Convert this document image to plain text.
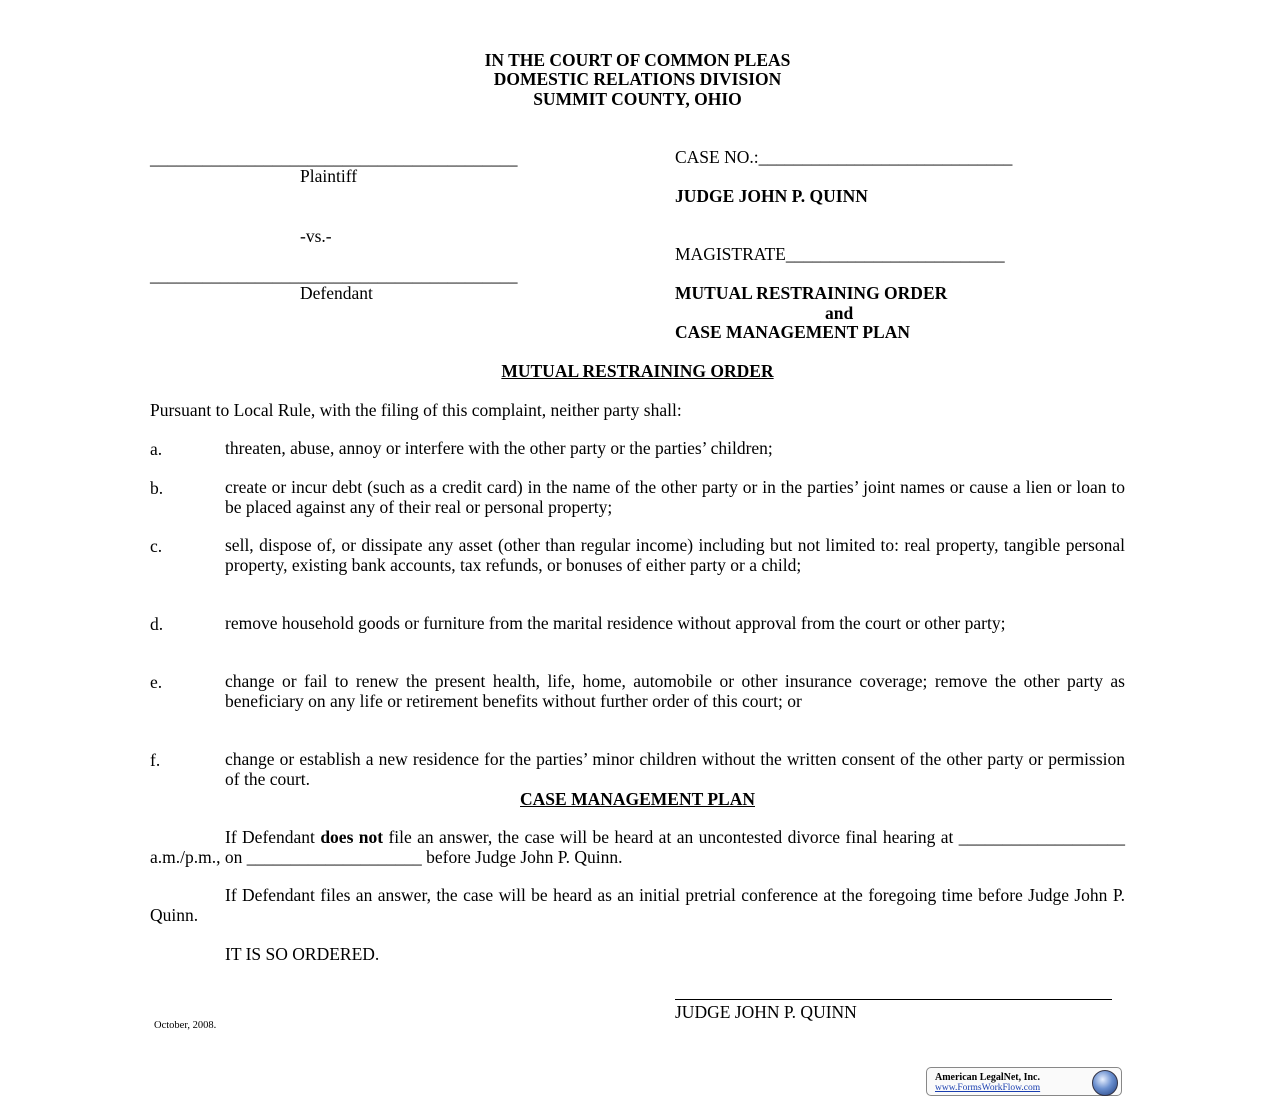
IN THE COURT OF COMMON PLEAS
DOMESTIC RELATIONS DIVISION
SUMMIT COUNTY, OHIO
__________________________________________
Plaintiff
-vs.-
__________________________________________
Defendant
CASE NO.:_____________________________
JUDGE JOHN P. QUINN
MAGISTRATE_________________________
MUTUAL RESTRAINING ORDER
and
CASE MANAGEMENT PLAN
MUTUAL RESTRAINING ORDER
Pursuant to Local Rule, with the filing of this complaint, neither party shall:
a.	threaten, abuse, annoy or interfere with the other party or the parties’ children;
b.	create or incur debt (such as a credit card) in the name of the other party or in the parties’ joint names or cause a lien or loan to be placed against any of their real or personal property;
c.	sell, dispose of, or dissipate any asset (other than regular income) including but not limited to: real property, tangible personal property, existing bank accounts, tax refunds, or bonuses of either party or a child;
d.	remove household goods or furniture from the marital residence without approval from the court or other party;
e.	change or fail to renew the present health, life, home, automobile or other insurance coverage; remove the other party as beneficiary on any life or retirement benefits without further order of this court; or
f.	change or establish a new residence for the parties’ minor children without the written consent of the other party or permission of the court.
CASE MANAGEMENT PLAN
If Defendant does not file an answer, the case will be heard at an uncontested divorce final hearing at ___________________ a.m./p.m., on ____________________ before Judge John P. Quinn.
If Defendant files an answer, the case will be heard as an initial pretrial conference at the foregoing time before Judge John P. Quinn.
IT IS SO ORDERED.
JUDGE JOHN P. QUINN
October, 2008.
American LegalNet, Inc.
www.FormsWorkFlow.com
